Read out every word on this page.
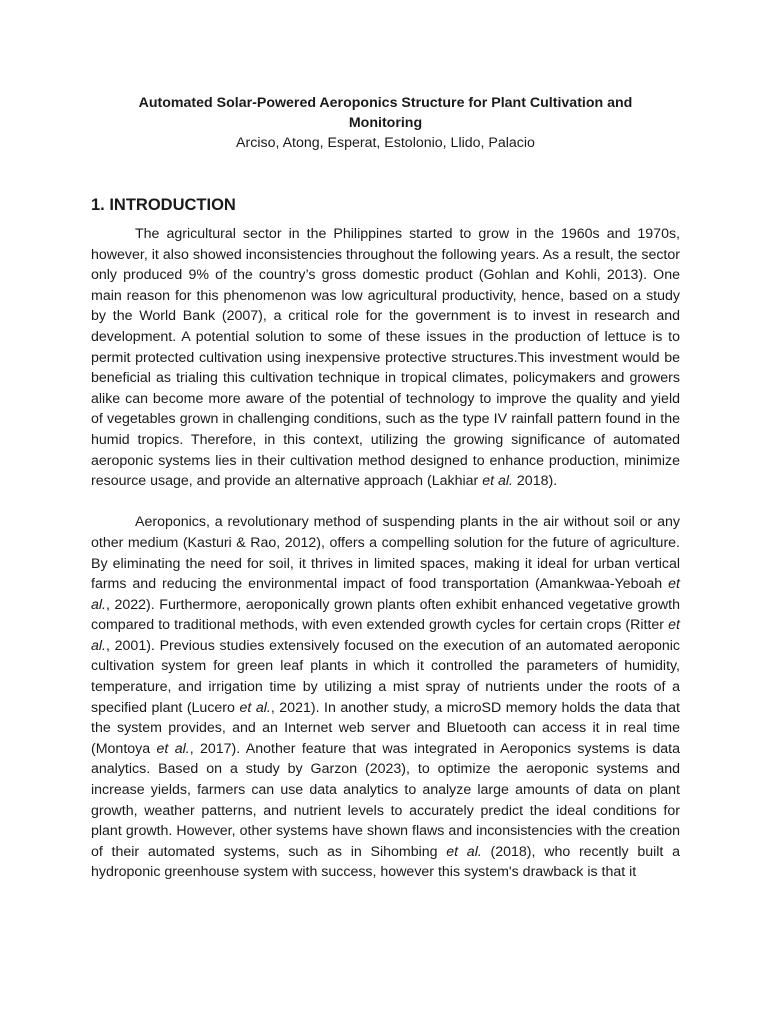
Automated Solar-Powered Aeroponics Structure for Plant Cultivation and Monitoring

Arciso, Atong, Esperat, Estolonio, Llido, Palacio

1. INTRODUCTION

The agricultural sector in the Philippines started to grow in the 1960s and 1970s, however, it also showed inconsistencies throughout the following years. As a result, the sector only produced 9% of the country’s gross domestic product (Gohlan and Kohli, 2013). One main reason for this phenomenon was low agricultural productivity, hence, based on a study by the World Bank (2007), a critical role for the government is to invest in research and development. A potential solution to some of these issues in the production of lettuce is to permit protected cultivation using inexpensive protective structures.This investment would be beneficial as trialing this cultivation technique in tropical climates, policymakers and growers alike can become more aware of the potential of technology to improve the quality and yield of vegetables grown in challenging conditions, such as the type IV rainfall pattern found in the humid tropics. Therefore, in this context, utilizing the growing significance of automated aeroponic systems lies in their cultivation method designed to enhance production, minimize resource usage, and provide an alternative approach (Lakhiar et al. 2018).

Aeroponics, a revolutionary method of suspending plants in the air without soil or any other medium (Kasturi & Rao, 2012), offers a compelling solution for the future of agriculture. By eliminating the need for soil, it thrives in limited spaces, making it ideal for urban vertical farms and reducing the environmental impact of food transportation (Amankwaa-Yeboah et al., 2022). Furthermore, aeroponically grown plants often exhibit enhanced vegetative growth compared to traditional methods, with even extended growth cycles for certain crops (Ritter et al., 2001). Previous studies extensively focused on the execution of an automated aeroponic cultivation system for green leaf plants in which it controlled the parameters of humidity, temperature, and irrigation time by utilizing a mist spray of nutrients under the roots of a specified plant (Lucero et al., 2021). In another study, a microSD memory holds the data that the system provides, and an Internet web server and Bluetooth can access it in real time (Montoya et al., 2017). Another feature that was integrated in Aeroponics systems is data analytics. Based on a study by Garzon (2023), to optimize the aeroponic systems and increase yields, farmers can use data analytics to analyze large amounts of data on plant growth, weather patterns, and nutrient levels to accurately predict the ideal conditions for plant growth. However, other systems have shown flaws and inconsistencies with the creation of their automated systems, such as in Sihombing et al. (2018), who recently built a hydroponic greenhouse system with success, however this system's drawback is that it
